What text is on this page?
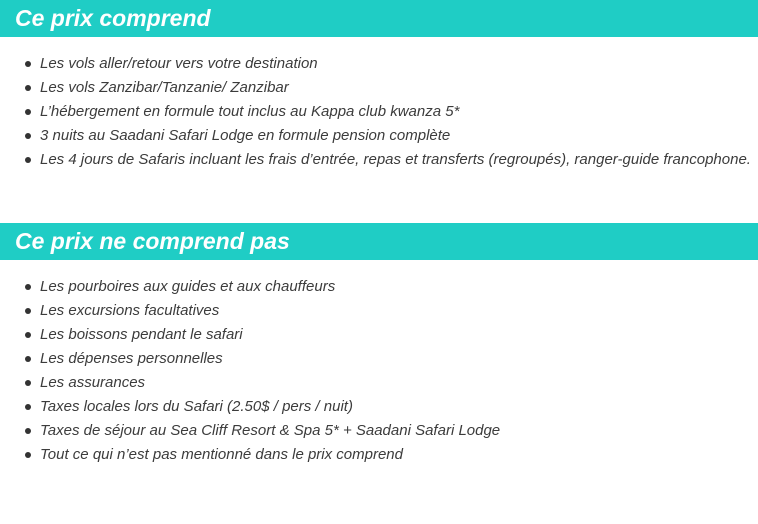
Ce prix comprend
Les vols aller/retour vers votre destination
Les vols Zanzibar/Tanzanie/ Zanzibar
L’hébergement en formule tout inclus au Kappa club kwanza 5*
3 nuits au Saadani Safari Lodge en formule pension complète
Les 4 jours de Safaris incluant les frais d’entrée, repas et transferts (regroupés), ranger-guide francophone.
Ce prix ne comprend pas
Les pourboires aux guides et aux chauffeurs
Les excursions facultatives
Les boissons pendant le safari
Les dépenses personnelles
Les assurances
Taxes locales lors du Safari (2.50$ / pers / nuit)
Taxes de séjour au Sea Cliff Resort & Spa 5* + Saadani Safari Lodge
Tout ce qui n’est pas mentionné dans le prix comprend
